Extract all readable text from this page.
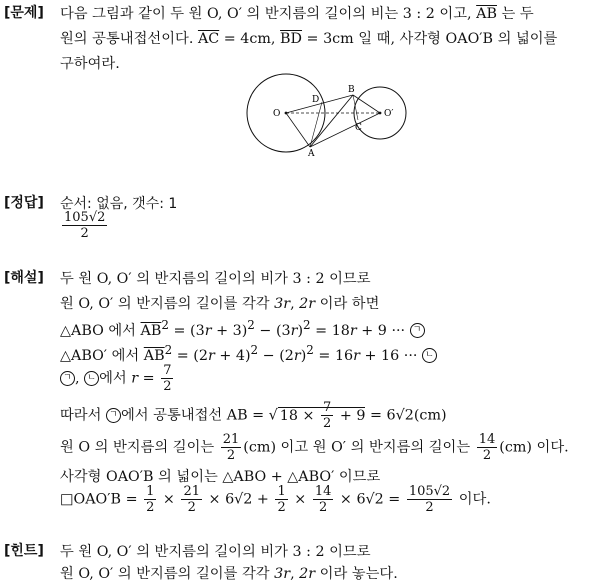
[문제] 다음 그림과 같이 두 원 O, O′ 의 반지름의 길이의 비는 3 : 2 이고, $\overline{AB}$ 는 두
원의 공통내접선이다. $\overline{AC} = 4cm$, $\overline{BD} = 3cm$ 일 때, 사각형 OAO′B 의 넓이를
구하여라.
O	O′
A
B
C
D
[정답] 순서: 없음, 갯수: 1
$\frac{105√2}{2}$
[해설] 두 원 O, O′ 의 반지름의 길이의 비가 3 : 2 이므로
원 O, O′ 의 반지름의 길이를 각각 3r, 2r 이라 하면
△ABO 에서 $\overline{AB}^2 = (3r + 3)^2 - (3r)^2 = 18r + 9$ ··· ㄱ
△ABO′ 에서 $\overline{AB}^2 = (2r + 4)^2 - (2r)^2 = 16r + 16$ ··· ㄴ
ㄱ , ㄴ 에서 $r = \frac{7}{2}$
따라서 ㄱ 에서 공통내접선 AB = √ $18 \times \frac{7}{2} + 9 = 6√2(cm)$
원 O 의 반지름의 길이는 $\frac{21}{2} (cm)$ 이고 원 O′ 의 반지름의 길이는 $\frac{14}{2} (cm)$ 이다.
사각형 OAO′B 의 넓이는 △ABO + △ABO′ 이므로
□OAO′B = $\frac{1}{2} \times \frac{21}{2} \times 6√2 + \frac{1}{2} \times \frac{14}{2} \times 6√2 = \frac{105√2}{2}$ 이다.
[힌트] 두 원 O, O′ 의 반지름의 길이의 비가 3 : 2 이므로
원 O, O′ 의 반지름의 길이를 각각 3r, 2r 이라 놓는다.
